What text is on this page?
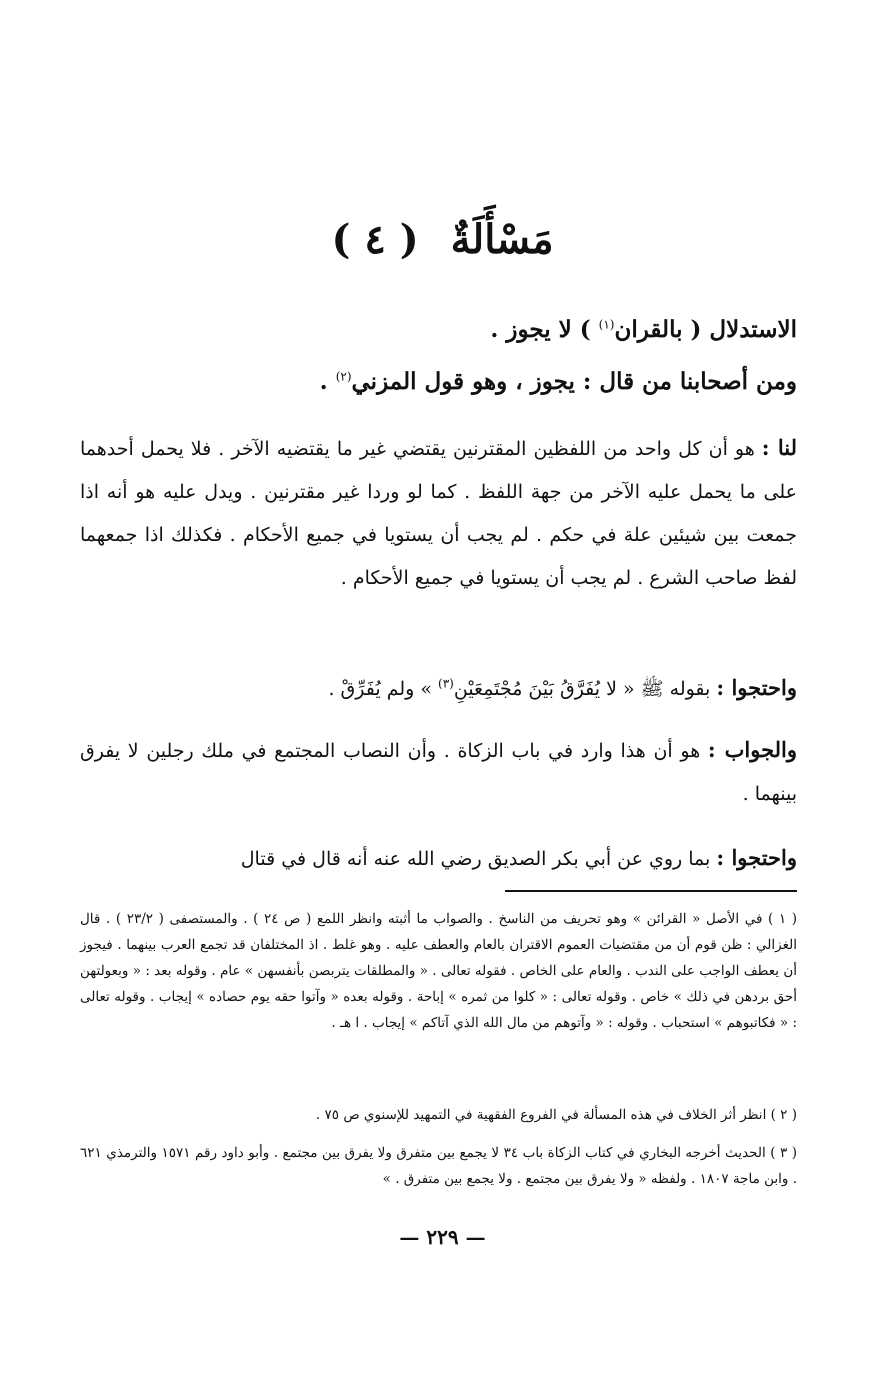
مَسْأَلَةٌ ( ٤ )
الاستدلال ( بالقران$^{(١)}$ ) لا يجوز .
ومن أصحابنا من قال : يجوز ، وهو قول المزني$^{(٢)}$ .
لنا : هو أن كل واحد من اللفظين المقترنين يقتضي غير ما يقتضيه الآخر . فلا يحمل أحدهما على ما يحمل عليه الآخر من جهة اللفظ . كما لو وردا غير مقترنين . ويدل عليه هو أنه اذا جمعت بين شيئين علة في حكم . لم يجب أن يستويا في جميع الأحكام . فكذلك اذا جمعهما لفظ صاحب الشرع . لم يجب أن يستويا في جميع الأحكام .
واحتجوا : بقوله ﷺ « لا يُفَرَّقُ بَيْنَ مُجْتَمِعَيْنِ$^{(٣)}$ » ولم يُفَرِّقْ .
والجواب : هو أن هذا وارد في باب الزكاة . وأن النصاب المجتمع في ملك رجلين لا يفرق بينهما .
واحتجوا : بما روي عن أبي بكر الصديق رضي الله عنه أنه قال في قتال
( ١ ) في الأصل « القرائن » وهو تحريف من الناسخ . والصواب ما أثبته وانظر اللمع ( ص ٢٤ ) . والمستصفى ( ٢٣/٢ ) . قال الغزالي : ظن قوم أن من مقتضيات العموم الاقتران بالعام والعطف عليه . وهو غلط . اذ المختلفان قد تجمع العرب بينهما . فيجوز أن يعطف الواجب على الندب . والعام على الخاص . فقوله تعالى . « والمطلقات يتربصن بأنفسهن » عام . وقوله بعد : « وبعولتهن أحق بردهن في ذلك » خاص . وقوله تعالى : « كلوا من ثمره » إباحة . وقوله بعده « وآتوا حقه يوم حصاده » إيجاب . وقوله تعالى : « فكاتبوهم » استحباب . وقوله : « وآتوهم من مال الله الذي آتاكم » إيجاب . ا هـ .
( ٢ ) انظر أثر الخلاف في هذه المسألة في الفروع الفقهية في التمهيد للإسنوي ص ٧٥ .
( ٣ ) الحديث أخرجه البخاري في كتاب الزكاة باب ٣٤ لا يجمع بين متفرق ولا يفرق بين مجتمع . وأبو داود رقم ١٥٧١ والترمذي ٦٢١ . وابن ماجة ١٨٠٧ . ولفظه « ولا يفرق بين مجتمع . ولا يجمع بين متفرق . »
— ٢٢٩ —
